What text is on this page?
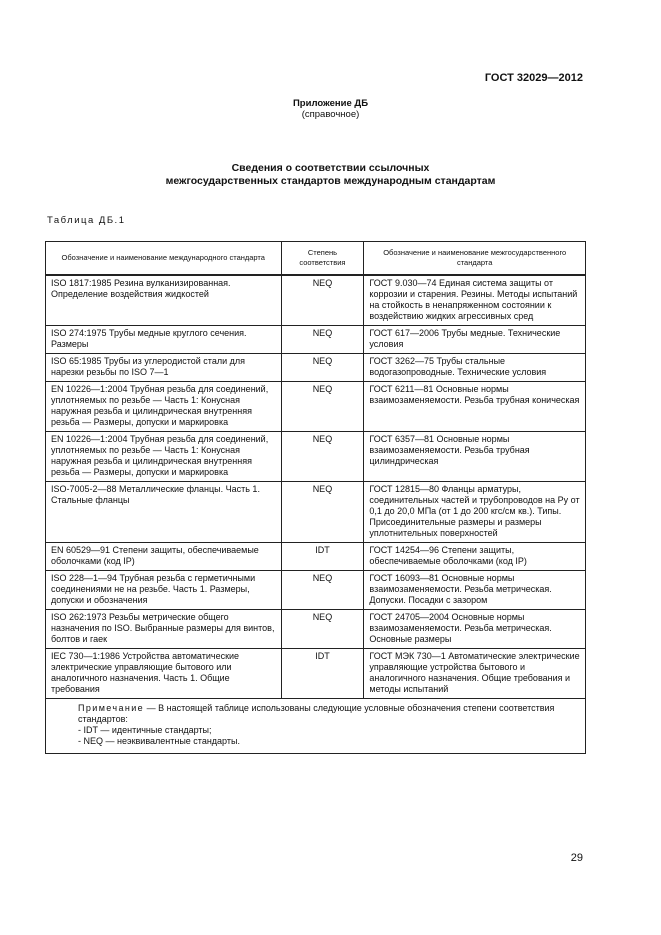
ГОСТ 32029—2012
Приложение ДБ
(справочное)
Сведения о соответствии ссылочных
межгосударственных стандартов международным стандартам
Таблица ДБ.1
Обозначение и наименование международного стандарта	Степень соответствия	Обозначение и наименование межгосударственного стандарта
ISO 1817:1985 Резина вулканизированная. Определение воздействия жидкостей	NEQ	ГОСТ 9.030—74 Единая система защиты от коррозии и старения. Резины. Методы испытаний на стойкость в ненапряженном состоянии к воздействию жидких агрессивных сред
ISO 274:1975 Трубы медные круглого сечения. Размеры	NEQ	ГОСТ 617—2006 Трубы медные. Технические условия
ISO 65:1985 Трубы из углеродистой стали для нарезки резьбы по ISO 7—1	NEQ	ГОСТ 3262—75 Трубы стальные водогазопроводные. Технические условия
EN 10226—1:2004 Трубная резьба для соединений, уплотняемых по резьбе — Часть 1: Конусная наружная резьба и цилиндрическая внутренняя резьба — Размеры, допуски и маркировка	NEQ	ГОСТ 6211—81 Основные нормы взаимозаменяемости. Резьба трубная коническая
EN 10226—1:2004 Трубная резьба для соединений, уплотняемых по резьбе — Часть 1: Конусная наружная резьба и цилиндрическая внутренняя резьба — Размеры, допуски и маркировка	NEQ	ГОСТ 6357—81 Основные нормы взаимозаменяемости. Резьба трубная цилиндрическая
ISO-7005-2—88 Металлические фланцы. Часть 1. Стальные фланцы	NEQ	ГОСТ 12815—80 Фланцы арматуры, соединительных частей и трубопроводов на Ру от 0,1 до 20,0 МПа (от 1 до 200 кгс/см кв.). Типы. Присоединительные размеры и размеры уплотнительных поверхностей
EN 60529—91 Степени защиты, обеспечиваемые оболочками (код IP)	IDT	ГОСТ 14254—96 Степени защиты, обеспечиваемые оболочками (код IP)
ISO 228—1—94 Трубная резьба с герметичными соединениями не на резьбе. Часть 1. Размеры, допуски и обозначения	NEQ	ГОСТ 16093—81 Основные нормы взаимозаменяемости. Резьба метрическая. Допуски. Посадки с зазором
ISO 262:1973 Резьбы метрические общего назначения по ISO. Выбранные размеры для винтов, болтов и гаек	NEQ	ГОСТ 24705—2004 Основные нормы взаимозаменяемости. Резьба метрическая. Основные размеры
IEC 730—1:1986 Устройства автоматические электрические управляющие бытового или аналогичного назначения. Часть 1. Общие требования	IDT	ГОСТ МЭК 730—1 Автоматические электрические управляющие устройства бытового и аналогичного назначения. Общие требования и методы испытаний

Примечание — В настоящей таблице использованы следующие условные обозначения степени соответствия стандартов:
- IDT — идентичные стандарты;
- NEQ — неэквивалентные стандарты.		
29
